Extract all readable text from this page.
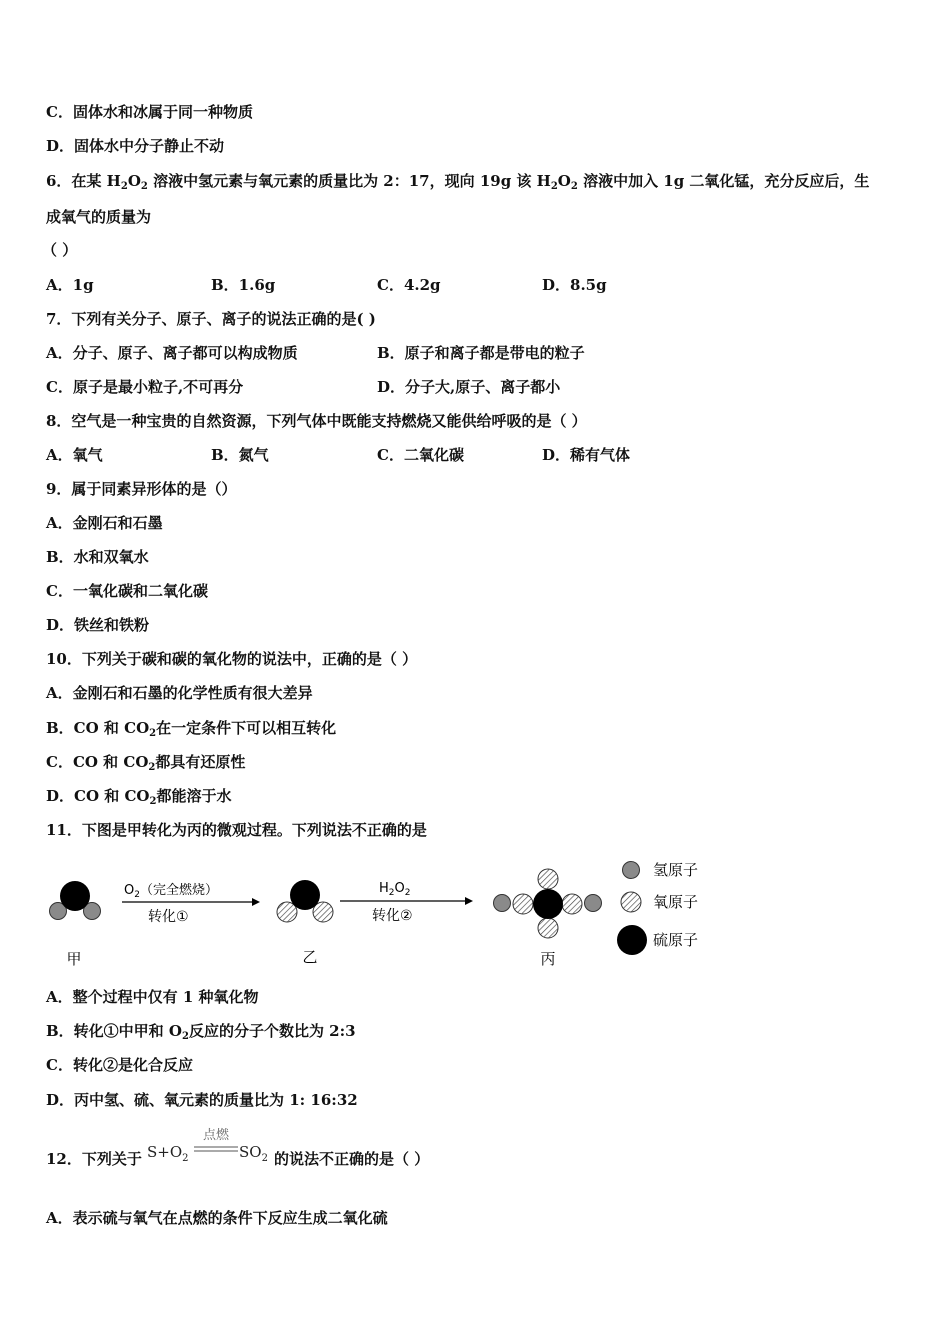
C．固体水和冰属于同一种物质
D．固体水中分子静止不动
6．在某 $H_2O_2$ 溶液中氢元素与氧元素的质量比为 2：17，现向 19g 该 $H_2O_2$ 溶液中加入 1g 二氧化锰，充分反应后，生
成氧气的质量为
（ ）
A．1g	B．1.6g	C．4.2g	D．8.5g
7．下列有关分子、原子、离子的说法正确的是( )
A．分子、原子、离子都可以构成物质	B．原子和离子都是带电的粒子
C．原子是最小粒子,不可再分	D．分子大,原子、离子都小
8．空气是一种宝贵的自然资源，下列气体中既能支持燃烧又能供给呼吸的是（ ）
A．氧气	B．氮气	C．二氧化碳	D．稀有气体
9．属于同素异形体的是（）
A．金刚石和石墨
B．水和双氧水
C．一氧化碳和二氧化碳
D．铁丝和铁粉
10．下列关于碳和碳的氧化物的说法中，正确的是（ ）
A．金刚石和石墨的化学性质有很大差异
B．CO 和 $CO_2$在一定条件下可以相互转化
C．CO 和 $CO_2$都具有还原性
D．CO 和 $CO_2$都能溶于水
11．下图是甲转化为丙的微观过程。下列说法不正确的是
甲
$O_2$（完全燃烧）
转化①
乙
$H_2O_2$
转化②
丙
氢原子
氧原子
硫原子
A．整个过程中仅有 1 种氧化物
B．转化①中甲和 $O_2$反应的分子个数比为 2:3
C．转化②是化合反应
D．丙中氢、硫、氧元素的质量比为 1: 16:32
12．下列关于 $S+O_2$
点燃
$SO_2$ 的说法不正确的是（ ）
A．表示硫与氧气在点燃的条件下反应生成二氧化硫
